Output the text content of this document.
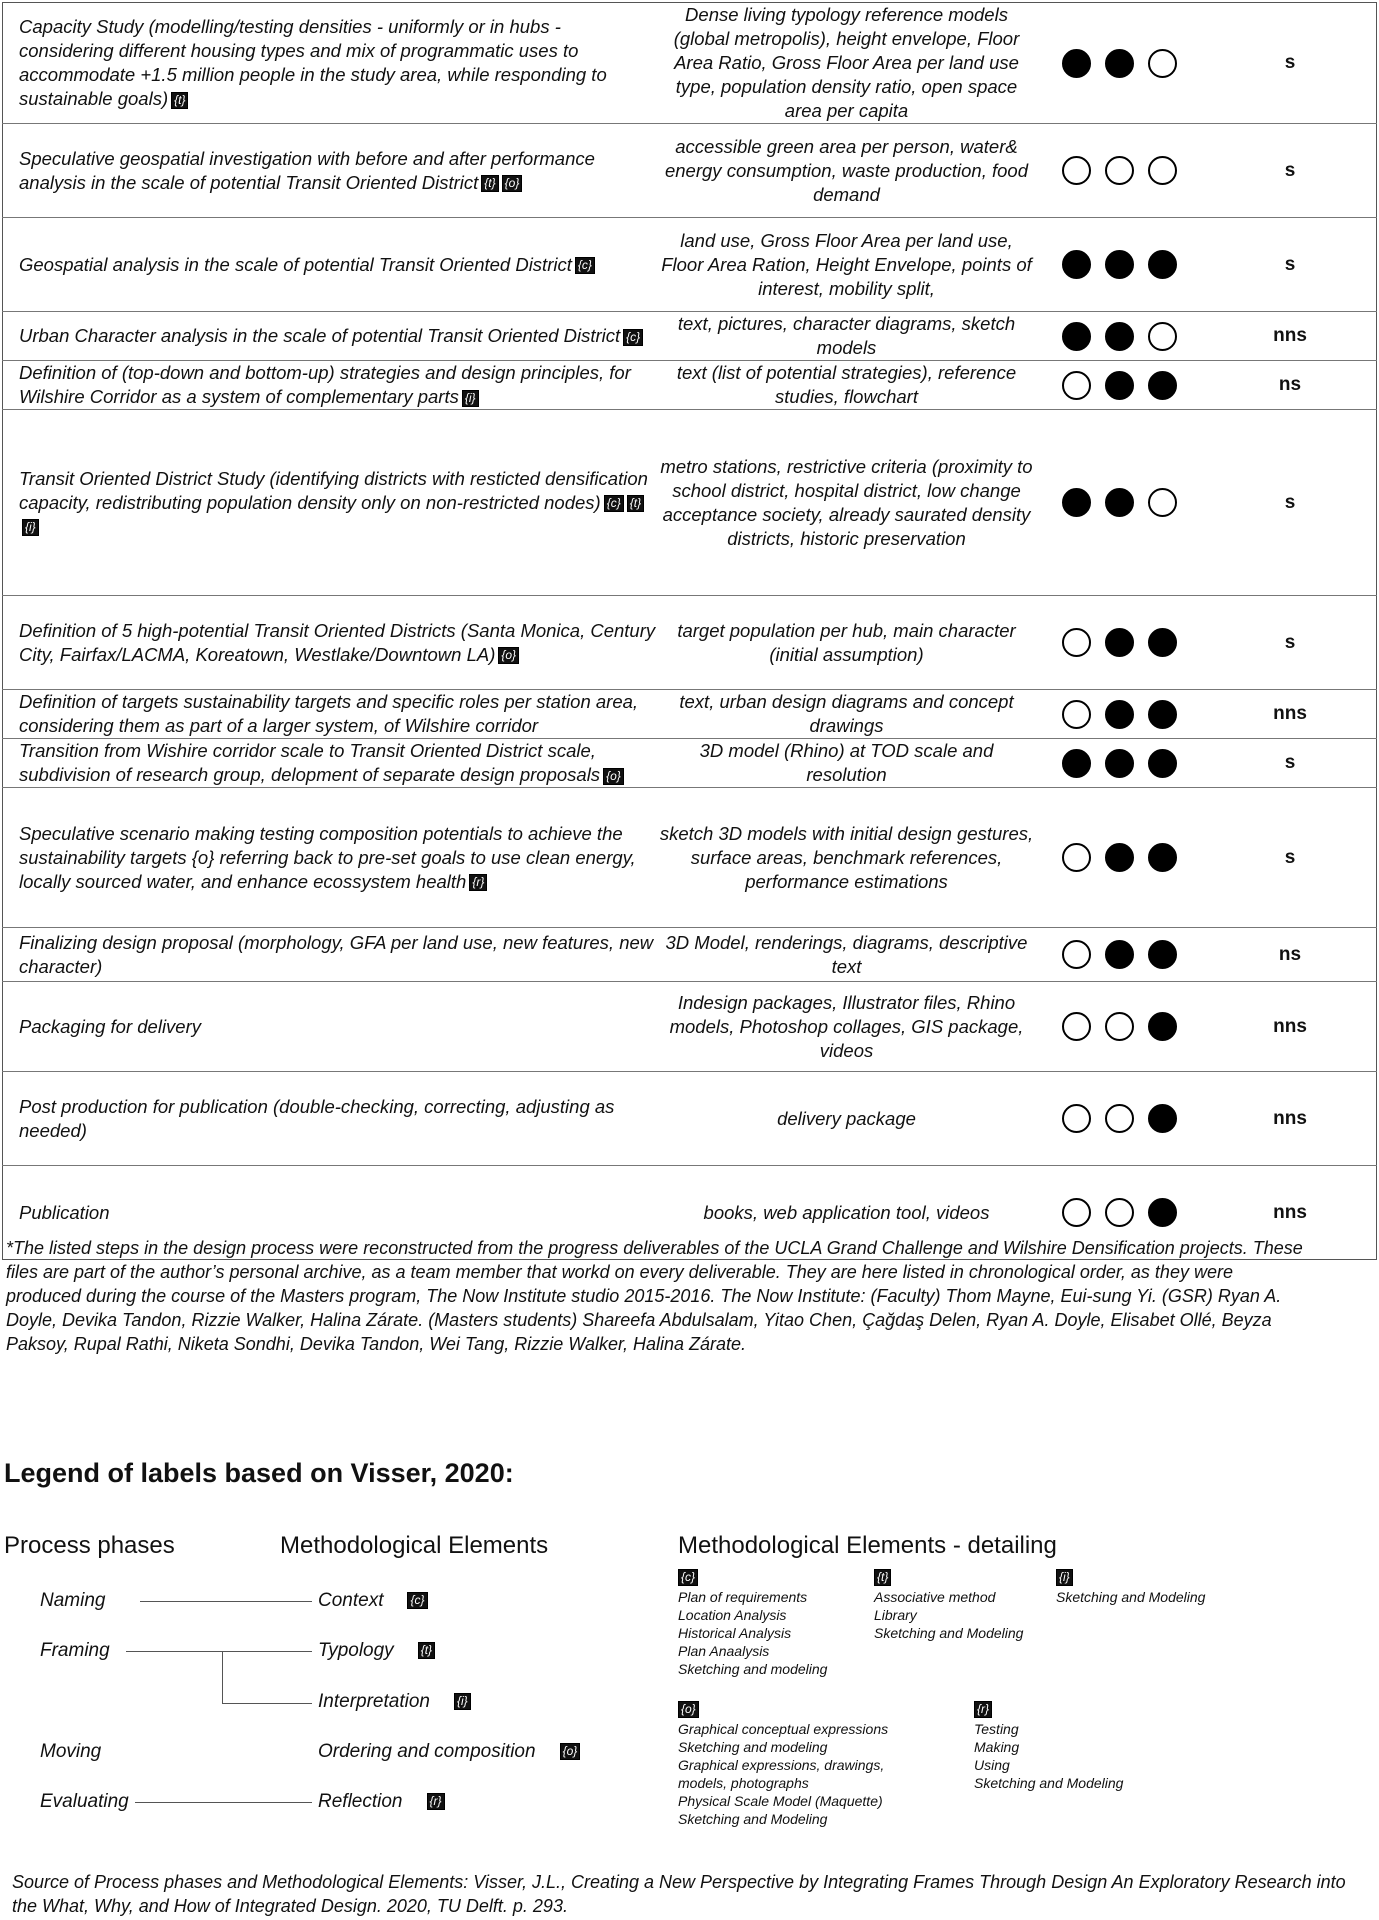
Capacity Study (modelling/testing densities - uniformly or in hubs - considering different housing types and mix of programmatic uses to accommodate +1.5 million people in the study area, while responding to sustainable goals) {t}	Dense living typology reference models (global metropolis), height envelope, Floor Area Ratio, Gross Floor Area per land use type, population density ratio, open space area per capita		s
Speculative geospatial investigation with before and after performance analysis in the scale of potential Transit Oriented District {t} {o}	accessible green area per person, water& energy consumption, waste production, food demand		s
Geospatial analysis in the scale of potential Transit Oriented District {c}	land use, Gross Floor Area per land use, Floor Area Ration, Height Envelope, points of interest, mobility split,		s
Urban Character analysis in the scale of potential Transit Oriented District {c}	text, pictures, character diagrams, sketch models		nns
Definition of (top-down and bottom-up) strategies and design principles, for Wilshire Corridor as a system of complementary parts {i}	text (list of potential strategies), reference studies, flowchart		ns
Transit Oriented District Study (identifying districts with resticted densification capacity, redistributing population density only on non-restricted nodes) {c} {t}{i}	metro stations, restrictive criteria (proximity to school district, hospital district, low change acceptance society, already saurated density districts, historic preservation		s
Definition of 5 high-potential Transit Oriented Districts (Santa Monica, Century City, Fairfax/LACMA, Koreatown, Westlake/Downtown LA) {o}	target population per hub, main character (initial assumption)		s
Definition of targets sustainability targets and specific roles per station area, considering them as part of a larger system, of Wilshire corridor	text, urban design diagrams and concept drawings		nns
Transition from Wishire corridor scale to Transit Oriented District scale, subdivision of research group, delopment of separate design proposals {o}	3D model (Rhino) at TOD scale and resolution		s
Speculative scenario making testing composition potentials to achieve the sustainability targets {o} referring back to pre-set goals to use clean energy, locally sourced water, and enhance ecossystem health {r}	sketch 3D models with initial design gestures, surface areas, benchmark references, performance estimations		s
Finalizing design proposal (morphology, GFA per land use, new features, new character)	3D Model, renderings, diagrams, descriptive text		ns
Packaging for delivery	Indesign packages, Illustrator files, Rhino models, Photoshop collages, GIS package, videos		nns
Post production for publication (double-checking, correcting, adjusting as needed)	delivery package		nns
Publication	books, web application tool, videos		nns
*The listed steps in the design process were reconstructed from the progress deliverables of the UCLA Grand Challenge and Wilshire Densification projects. These files are part of the author’s personal archive, as a team member that workd on every deliverable. They are here listed in chronological order, as they were produced during the course of the Masters program, The Now Institute studio 2015-2016. The Now Institute: (Faculty) Thom Mayne, Eui-sung Yi. (GSR) Ryan A. Doyle, Devika Tandon, Rizzie Walker, Halina Zárate. (Masters students) Shareefa Abdulsalam, Yitao Chen, Çağdaş Delen, Ryan A. Doyle, Elisabet Ollé, Beyza Paksoy, Rupal Rathi, Niketa Sondhi, Devika Tandon, Wei Tang, Rizzie Walker, Halina Zárate.
Legend of labels based on Visser, 2020:
Process phases	Methodological Elements	Methodological Elements - detailing
Naming
Framing
Moving
Evaluating
Context {c}
Typology {t}
Interpretation {i}
Ordering and composition {o}
Reflection {r}
{c}
Plan of requirements
Location Analysis
Historical Analysis
Plan Anaalysis
Sketching and modeling
{t}
Associative method
Library
Sketching and Modeling
{i}
Sketching and Modeling
{o}
Graphical conceptual expressions
Sketching and modeling
Graphical expressions, drawings,
models, photographs
Physical Scale Model (Maquette)
Sketching and Modeling
{r}
Testing
Making
Using
Sketching and Modeling
Source of Process phases and Methodological Elements: Visser, J.L., Creating a New Perspective by Integrating Frames Through Design An Exploratory Research into the What, Why, and How of Integrated Design. 2020, TU Delft. p. 293.
